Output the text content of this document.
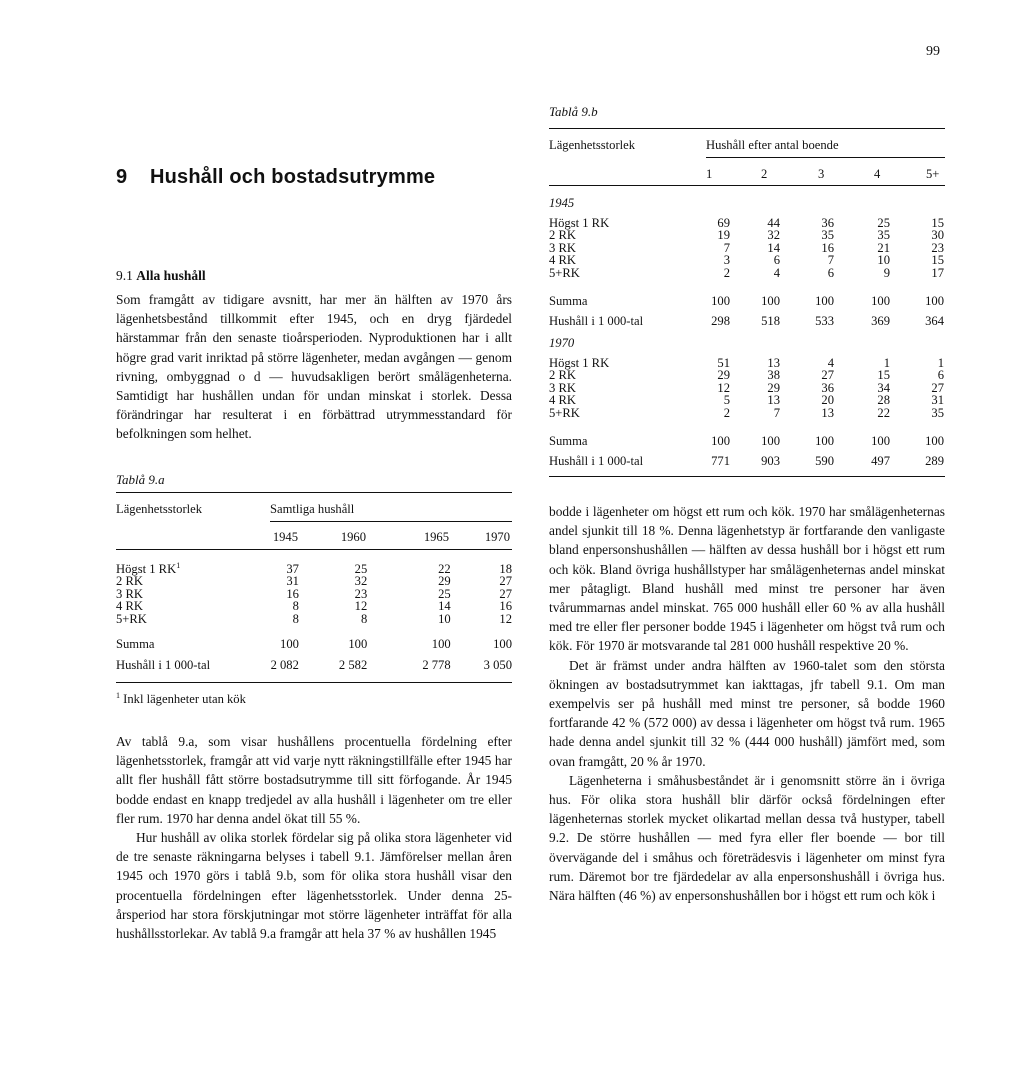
99
9 Hushåll och bostadsutrymme
9.1 Alla hushåll

Som framgått av tidigare avsnitt, har mer än hälften av 1970 års lägenhetsbestånd tillkommit efter 1945, och en dryg fjärdedel härstammar från den senaste tioårsperioden. Nyproduktionen har i allt högre grad varit inriktad på större lägenheter, medan avgången — genom rivning, ombyggnad o d — huvudsakligen berört smålägenheterna. Samtidigt har hushållen undan för undan minskat i storlek. Dessa förändringar har resulterat i en förbättrad utrymmesstandard för befolkningen som helhet.

Tablå 9.a
Lägenhetsstorlek	Samtliga hushåll
1945	1960	1965	1970
Högst 1 $RK^1$	37	25	22	18
2 RK	31	32	29	27
3 RK	16	23	25	27
4 RK	8	12	14	16
5+RK	8	8	10	12
Summa	100	100	100	100
Hushåll i 1 000-tal	2 082	2 582	2 778	3 050
$^1$ Inkl lägenheter utan kök

Av tablå 9.a, som visar hushållens procentuella fördelning efter lägenhetsstorlek, framgår att vid varje nytt räkningstillfälle efter 1945 har allt fler hushåll fått större bostadsutrymme till sitt förfogande. År 1945 bodde endast en knapp tredjedel av alla hushåll i lägenheter om tre eller fler rum. 1970 har denna andel ökat till 55 %.

Hur hushåll av olika storlek fördelar sig på olika stora lägenheter vid de tre senaste räkningarna belyses i tabell 9.1. Jämförelser mellan åren 1945 och 1970 görs i tablå 9.b, som för olika stora hushåll visar den procentuella fördelningen efter lägenhetsstorlek. Under denna 25-årsperiod har stora förskjutningar mot större lägenheter inträffat för alla hushållsstorlekar. Av tablå 9.a framgår att hela 37 % av hushållen 1945

Tablå 9.b
Lägenhetsstorlek	Hushåll efter antal boende
1	2	3	4	5+
1945
Högst 1 RK	69	44	36	25	15
2 RK	19	32	35	35	30
3 RK	7	14	16	21	23
4 RK	3	6	7	10	15
5+RK	2	4	6	9	17
Summa	100	100	100	100	100
Hushåll i 1 000-tal	298	518	533	369	364
1970
Högst 1 RK	51	13	4	1	1
2 RK	29	38	27	15	6
3 RK	12	29	36	34	27
4 RK	5	13	20	28	31
5+RK	2	7	13	22	35
Summa	100	100	100	100	100
Hushåll i 1 000-tal	771	903	590	497	289

bodde i lägenheter om högst ett rum och kök. 1970 har smålägenheternas andel sjunkit till 18 %. Denna lägenhetstyp är fortfarande den vanligaste bland enpersonshushållen — hälften av dessa hushåll bor i högst ett rum och kök. Bland övriga hushållstyper har smålägenheternas andel minskat mer påtagligt. Bland hushåll med minst tre personer har även tvårummarnas andel minskat. 765 000 hushåll eller 60 % av alla hushåll med tre eller fler personer bodde 1945 i lägenheter om högst två rum och kök. För 1970 är motsvarande tal 281 000 hushåll respektive 20 %.

Det är främst under andra hälften av 1960-talet som den största ökningen av bostadsutrymmet kan iakttagas, jfr tabell 9.1. Om man exempelvis ser på hushåll med minst tre personer, så bodde 1960 fortfarande 42 % (572 000) av dessa i lägenheter om högst två rum. 1965 hade denna andel sjunkit till 32 % (444 000 hushåll) jämfört med, som ovan framgått, 20 % år 1970.

Lägenheterna i småhusbeståndet är i genomsnitt större än i övriga hus. För olika stora hushåll blir därför också fördelningen efter lägenheternas storlek mycket olikartad mellan dessa två hustyper, tabell 9.2. De större hushållen — med fyra eller fler boende — bor till övervägande del i småhus och företrädesvis i lägenheter om minst fyra rum. Däremot bor tre fjärdedelar av alla enpersonshushåll i övriga hus. Nära hälften (46 %) av enpersonshushållen bor i högst ett rum och kök i
